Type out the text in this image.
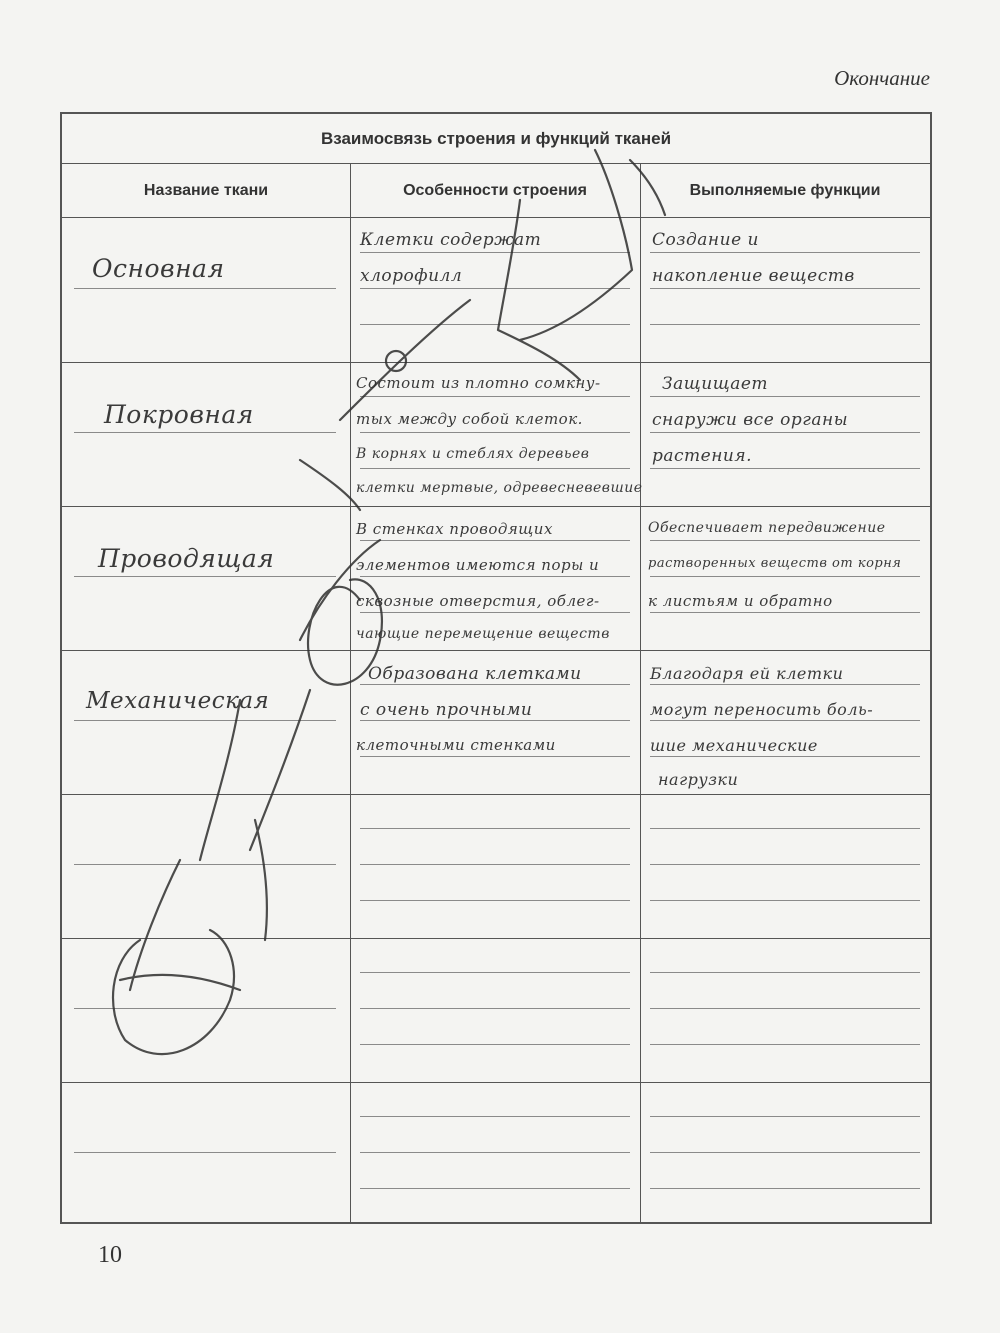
Окончание
Взаимосвязь строения и функций тканей
Название ткани	Особенности строения	Выполняемые функции
Основная
Клетки содержат
хлорофилл
Создание и
накопление веществ
Покровная
Состоит из плотно сомкну-
тых между собой клеток.
В корнях и стеблях деревьев
клетки мертвые, одревесневевшие
Защищает
снаружи все органы
растения.
Проводящая
В стенках проводящих
элементов имеются поры и
сквозные отверстия, облег-
чающие перемещение веществ
Обеспечивает передвижение
растворенных веществ от корня
к листьям и обратно
Механическая
Образована клетками
с очень прочными
клеточными стенками
Благодаря ей клетки
могут переносить боль-
шие механические
нагрузки
10
